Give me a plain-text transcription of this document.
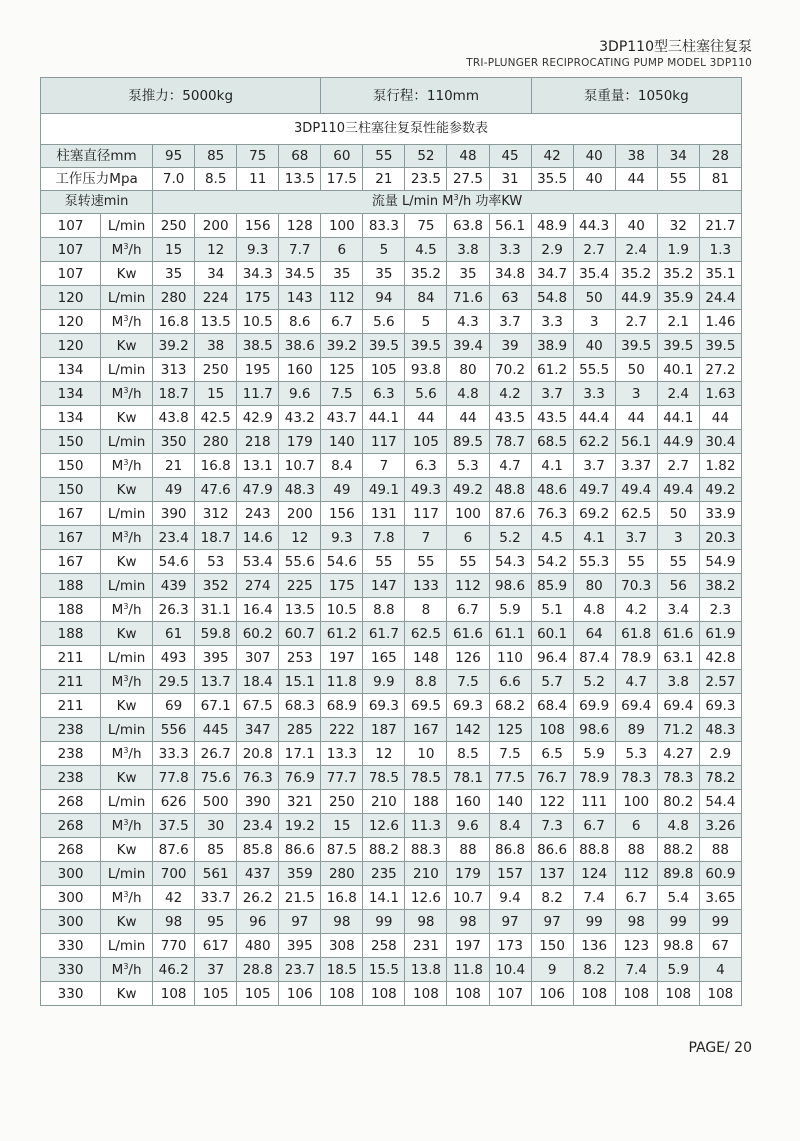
3DP110型三柱塞往复泵
TRI-PLUNGER RECIPROCATING PUMP MODEL 3DP110
泵推力：5000kg						泵行程：110mm					泵重量：1050kg				
3DP110三柱塞往复泵性能参数表															
柱塞直径mm		95	85	75	68	60	55	52	48	45	42	40	38	34	28
工作压力Mpa		7.0	8.5	11	13.5	17.5	21	23.5	27.5	31	35.5	40	44	55	81
泵转速min		流量 L/min $M^3/h$ 功率KW													
107	L/min	250	200	156	128	100	83.3	75	63.8	56.1	48.9	44.3	40	32	21.7
107	$M^3/h$	15	12	9.3	7.7	6	5	4.5	3.8	3.3	2.9	2.7	2.4	1.9	1.3
107	Kw	35	34	34.3	34.5	35	35	35.2	35	34.8	34.7	35.4	35.2	35.2	35.1
120	L/min	280	224	175	143	112	94	84	71.6	63	54.8	50	44.9	35.9	24.4
120	$M^3/h$	16.8	13.5	10.5	8.6	6.7	5.6	5	4.3	3.7	3.3	3	2.7	2.1	1.46
120	Kw	39.2	38	38.5	38.6	39.2	39.5	39.5	39.4	39	38.9	40	39.5	39.5	39.5
134	L/min	313	250	195	160	125	105	93.8	80	70.2	61.2	55.5	50	40.1	27.2
134	$M^3/h$	18.7	15	11.7	9.6	7.5	6.3	5.6	4.8	4.2	3.7	3.3	3	2.4	1.63
134	Kw	43.8	42.5	42.9	43.2	43.7	44.1	44	44	43.5	43.5	44.4	44	44.1	44
150	L/min	350	280	218	179	140	117	105	89.5	78.7	68.5	62.2	56.1	44.9	30.4
150	$M^3/h$	21	16.8	13.1	10.7	8.4	7	6.3	5.3	4.7	4.1	3.7	3.37	2.7	1.82
150	Kw	49	47.6	47.9	48.3	49	49.1	49.3	49.2	48.8	48.6	49.7	49.4	49.4	49.2
167	L/min	390	312	243	200	156	131	117	100	87.6	76.3	69.2	62.5	50	33.9
167	$M^3/h$	23.4	18.7	14.6	12	9.3	7.8	7	6	5.2	4.5	4.1	3.7	3	20.3
167	Kw	54.6	53	53.4	55.6	54.6	55	55	55	54.3	54.2	55.3	55	55	54.9
188	L/min	439	352	274	225	175	147	133	112	98.6	85.9	80	70.3	56	38.2
188	$M^3/h$	26.3	31.1	16.4	13.5	10.5	8.8	8	6.7	5.9	5.1	4.8	4.2	3.4	2.3
188	Kw	61	59.8	60.2	60.7	61.2	61.7	62.5	61.6	61.1	60.1	64	61.8	61.6	61.9
211	L/min	493	395	307	253	197	165	148	126	110	96.4	87.4	78.9	63.1	42.8
211	$M^3/h$	29.5	13.7	18.4	15.1	11.8	9.9	8.8	7.5	6.6	5.7	5.2	4.7	3.8	2.57
211	Kw	69	67.1	67.5	68.3	68.9	69.3	69.5	69.3	68.2	68.4	69.9	69.4	69.4	69.3
238	L/min	556	445	347	285	222	187	167	142	125	108	98.6	89	71.2	48.3
238	$M^3/h$	33.3	26.7	20.8	17.1	13.3	12	10	8.5	7.5	6.5	5.9	5.3	4.27	2.9
238	Kw	77.8	75.6	76.3	76.9	77.7	78.5	78.5	78.1	77.5	76.7	78.9	78.3	78.3	78.2
268	L/min	626	500	390	321	250	210	188	160	140	122	111	100	80.2	54.4
268	$M^3/h$	37.5	30	23.4	19.2	15	12.6	11.3	9.6	8.4	7.3	6.7	6	4.8	3.26
268	Kw	87.6	85	85.8	86.6	87.5	88.2	88.3	88	86.8	86.6	88.8	88	88.2	88
300	L/min	700	561	437	359	280	235	210	179	157	137	124	112	89.8	60.9
300	$M^3/h$	42	33.7	26.2	21.5	16.8	14.1	12.6	10.7	9.4	8.2	7.4	6.7	5.4	3.65
300	Kw	98	95	96	97	98	99	98	98	97	97	99	98	99	99
330	L/min	770	617	480	395	308	258	231	197	173	150	136	123	98.8	67
330	$M^3/h$	46.2	37	28.8	23.7	18.5	15.5	13.8	11.8	10.4	9	8.2	7.4	5.9	4
330	Kw	108	105	105	106	108	108	108	108	107	106	108	108	108	108
PAGE/ 20
